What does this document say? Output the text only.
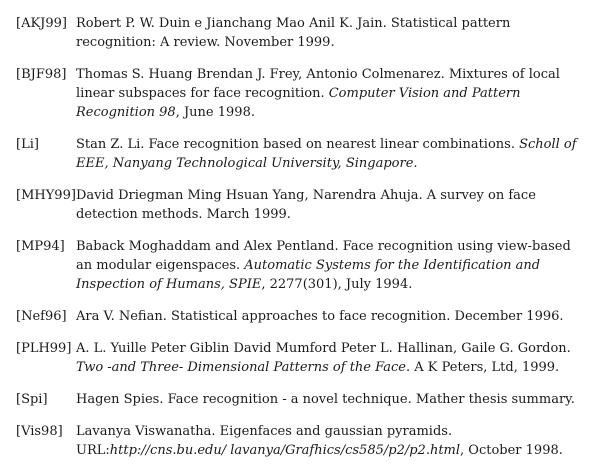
[AKJ99] Robert P. W. Duin e Jianchang Mao Anil K. Jain. Statistical pattern recognition: A review. November 1999.
[BJF98] Thomas S. Huang Brendan J. Frey, Antonio Colmenarez. Mixtures of local linear subspaces for face recognition. Computer Vision and Pattern Recognition 98, June 1998.
[Li]	Stan Z. Li. Face recognition based on nearest linear combinations. Scholl of EEE, Nanyang Technological University, Singapore.
[MHY99] David Driegman Ming Hsuan Yang, Narendra Ahuja. A survey on face detection methods. March 1999.
[MP94] Baback Moghaddam and Alex Pentland. Face recognition using view-based an modular eigenspaces. Automatic Systems for the Identification and Inspection of Humans, SPIE, 2277(301), July 1994.
[Nef96] Ara V. Nefian. Statistical approaches to face recognition. December 1996.
[PLH99] A. L. Yuille Peter Giblin David Mumford Peter L. Hallinan, Gaile G. Gordon. Two -and Three- Dimensional Patterns of the Face. A K Peters, Ltd, 1999.
[Spi]	Hagen Spies. Face recognition - a novel technique. Mather thesis summary.
[Vis98]	Lavanya Viswanatha. Eigenfaces and gaussian pyramids. URL:http://cns.bu.edu/ lavanya/Grafhics/cs585/p2/p2.html, October 1998.
